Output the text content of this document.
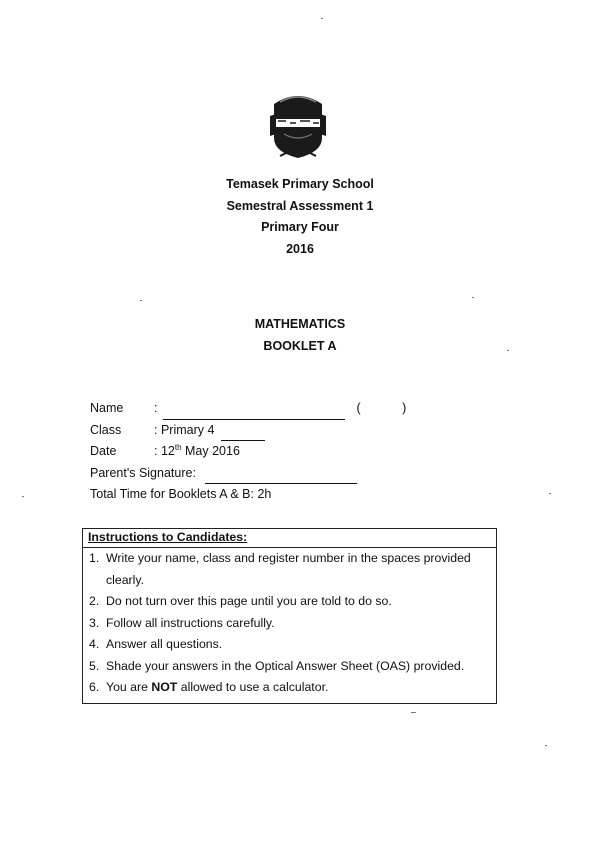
Temasek Primary School
Semestral Assessment 1
Primary Four
2016
MATHEMATICS
BOOKLET A
Name :	(	)
Class	: Primary 4
Date	: 12th May 2016
Parent's Signature:
Total Time for Booklets A & B: 2h
Instructions to Candidates:
1. Write your name, class and register number in the spaces provided clearly.
2. Do not turn over this page until you are told to do so.
3. Follow all instructions carefully.
4. Answer all questions.
5. Shade your answers in the Optical Answer Sheet (OAS) provided.
6. You are NOT allowed to use a calculator.
